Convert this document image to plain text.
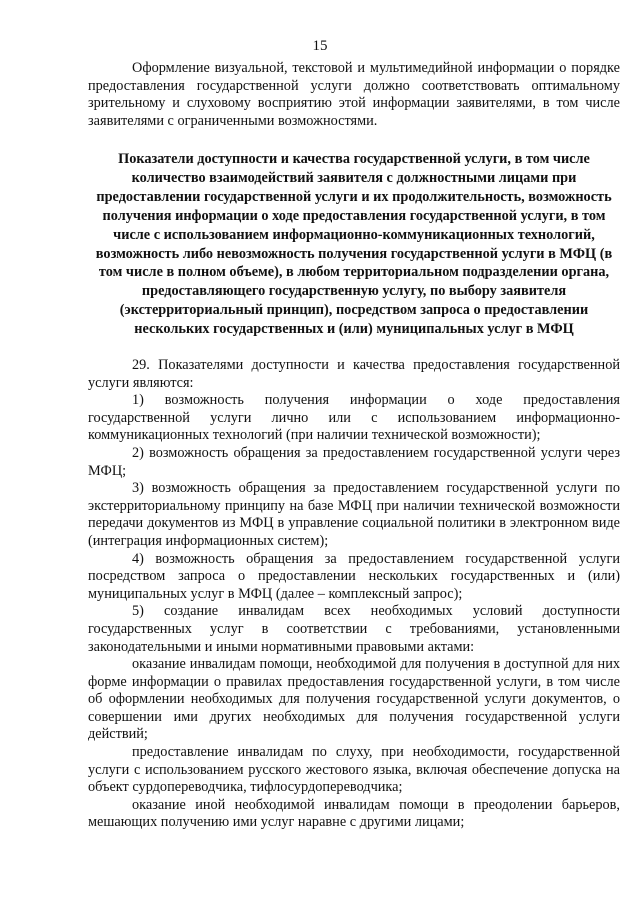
15

Оформление визуальной, текстовой и мультимедийной информации о порядке предоставления государственной услуги должно соответствовать оптимальному зрительному и слуховому восприятию этой информации заявителями, в том числе заявителями с ограниченными возможностями.

Показатели доступности и качества государственной услуги, в том числе количество взаимодействий заявителя с должностными лицами при предоставлении государственной услуги и их продолжительность, возможность получения информации о ходе предоставления государственной услуги, в том числе с использованием информационно-коммуникационных технологий, возможность либо невозможность получения государственной услуги в МФЦ (в том числе в полном объеме), в любом территориальном подразделении органа, предоставляющего государственную услугу, по выбору заявителя (экстерриториальный принцип), посредством запроса о предоставлении нескольких государственных и (или) муниципальных услуг в МФЦ

29. Показателями доступности и качества предоставления государственной услуги являются:

1) возможность получения информации о ходе предоставления государственной услуги лично или с использованием информационно-коммуникационных технологий (при наличии технической возможности);

2) возможность обращения за предоставлением государственной услуги через МФЦ;

3) возможность обращения за предоставлением государственной услуги по экстерриториальному принципу на базе МФЦ при наличии технической возможности передачи документов из МФЦ в управление социальной политики в электронном виде (интеграция информационных систем);

4) возможность обращения за предоставлением государственной услуги посредством запроса о предоставлении нескольких государственных и (или) муниципальных услуг в МФЦ (далее – комплексный запрос);

5) создание инвалидам всех необходимых условий доступности государственных услуг в соответствии с требованиями, установленными законодательными и иными нормативными правовыми актами:

оказание инвалидам помощи, необходимой для получения в доступной для них форме информации о правилах предоставления государственной услуги, в том числе об оформлении необходимых для получения государственной услуги документов, о совершении ими других необходимых для получения государственной услуги действий;

предоставление инвалидам по слуху, при необходимости, государственной услуги с использованием русского жестового языка, включая обеспечение допуска на объект сурдопереводчика, тифлосурдопереводчика;

оказание иной необходимой инвалидам помощи в преодолении барьеров, мешающих получению ими услуг наравне с другими лицами;
